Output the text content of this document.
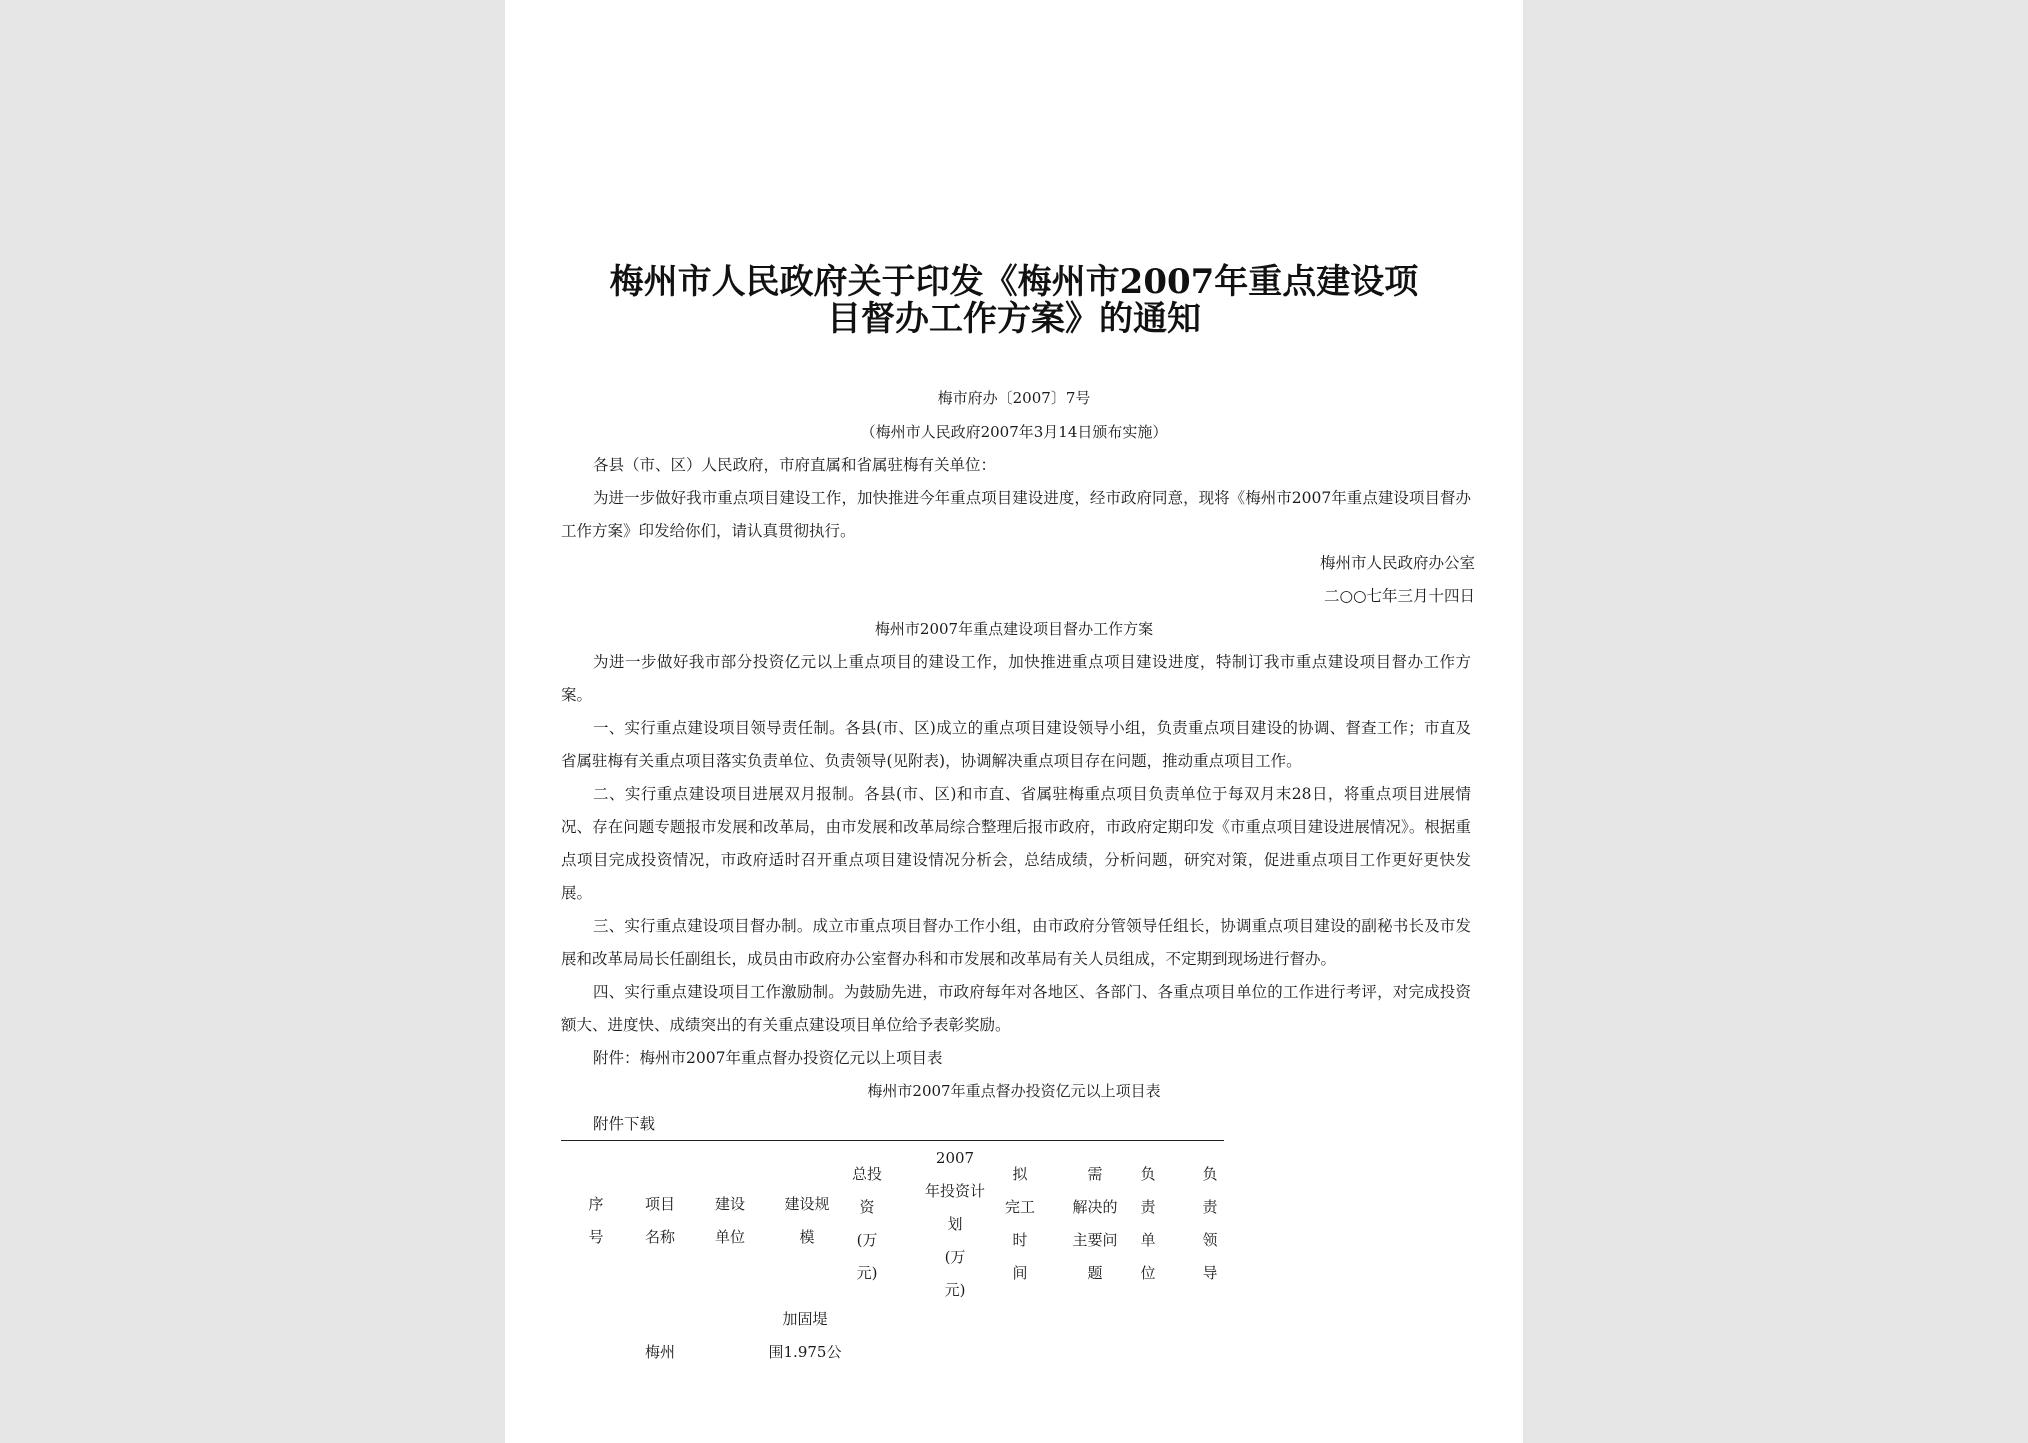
梅州市人民政府关于印发《梅州市2007年重点建设项
目督办工作方案》的通知
梅市府办〔2007〕7号
（梅州市人民政府2007年3月14日颁布实施）
各县（市、区）人民政府，市府直属和省属驻梅有关单位：

为进一步做好我市重点项目建设工作，加快推进今年重点项目建设进度，经市政府同意，现将《梅州市2007年重点建设项目督办工作方案》印发给你们，请认真贯彻执行。

梅州市人民政府办公室
二○○七年三月十四日
梅州市2007年重点建设项目督办工作方案

为进一步做好我市部分投资亿元以上重点项目的建设工作，加快推进重点项目建设进度，特制订我市重点建设项目督办工作方案。

一、实行重点建设项目领导责任制。各县(市、区)成立的重点项目建设领导小组，负责重点项目建设的协调、督查工作；市直及省属驻梅有关重点项目落实负责单位、负责领导(见附表)，协调解决重点项目存在问题，推动重点项目工作。

二、实行重点建设项目进展双月报制。各县(市、区)和市直、省属驻梅重点项目负责单位于每双月末28日，将重点项目进展情况、存在问题专题报市发展和改革局，由市发展和改革局综合整理后报市政府，市政府定期印发《市重点项目建设进展情况》。根据重点项目完成投资情况，市政府适时召开重点项目建设情况分析会，总结成绩，分析问题，研究对策，促进重点项目工作更好更快发展。

三、实行重点建设项目督办制。成立市重点项目督办工作小组，由市政府分管领导任组长，协调重点项目建设的副秘书长及市发展和改革局局长任副组长，成员由市政府办公室督办科和市发展和改革局有关人员组成，不定期到现场进行督办。

四、实行重点建设项目工作激励制。为鼓励先进，市政府每年对各地区、各部门、各重点项目单位的工作进行考评，对完成投资额大、进度快、成绩突出的有关重点建设项目单位给予表彰奖励。

附件：梅州市2007年重点督办投资亿元以上项目表
梅州市2007年重点督办投资亿元以上项目表
附件下载
序
号
项目
名称
建设
单位
建设规
模
总投
资
(万
元)
2007
年投资计
划
(万
元)
拟
完工
时
间
需
解决的
主要问
题
负
责
单
位
负
责
领
导
梅州
加固堤
围1.975公
